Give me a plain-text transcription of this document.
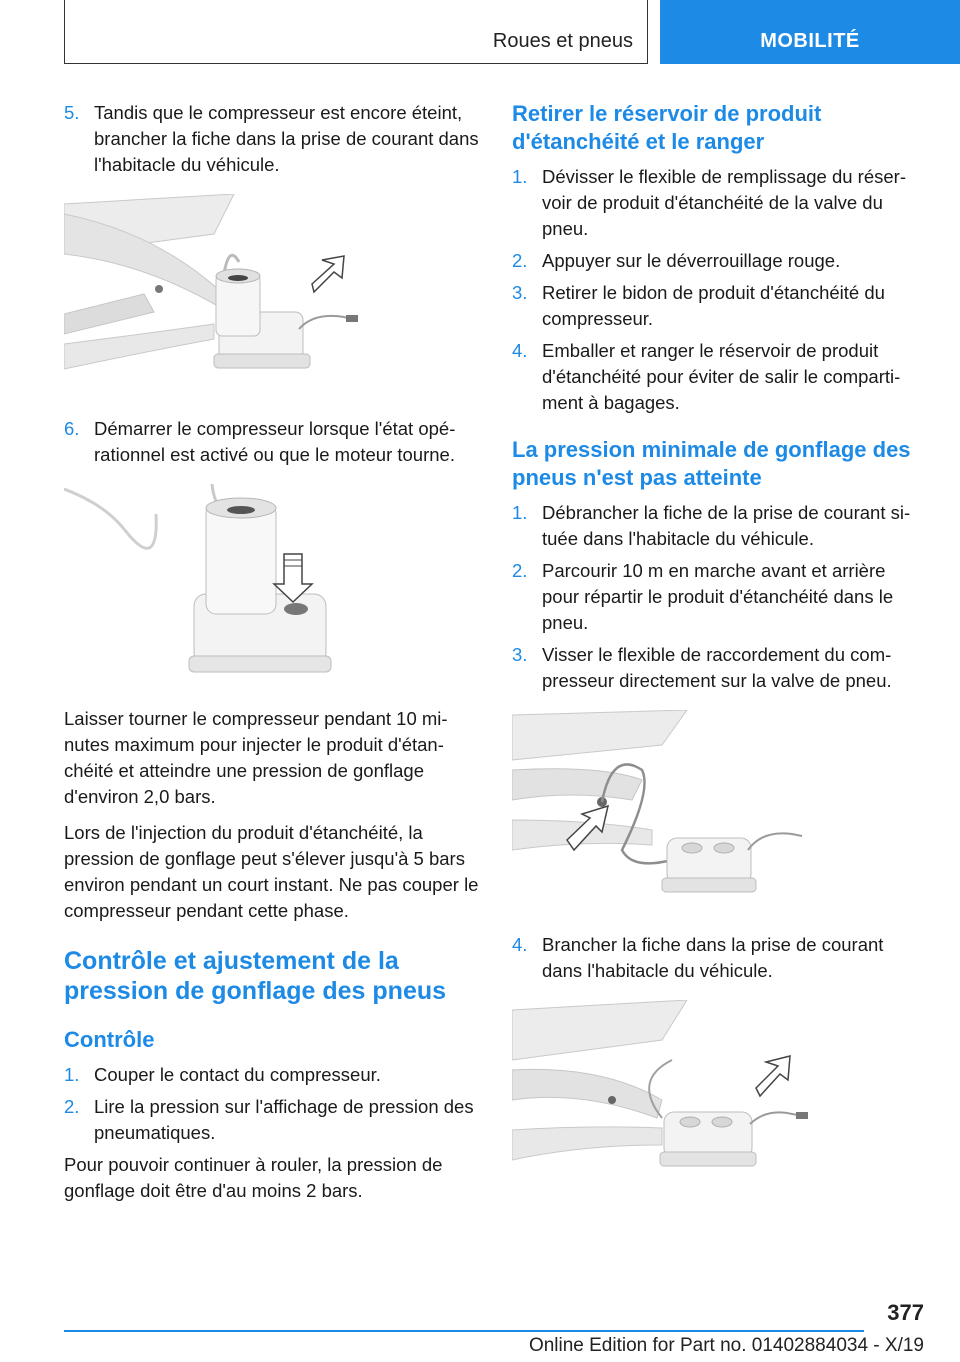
Roues et pneus	MOBILITÉ
5. Tandis que le compresseur est encore éteint, brancher la fiche dans la prise de courant dans l'habitacle du véhicule.
6. Démarrer le compresseur lorsque l'état opérationnel est activé ou que le moteur tourne.

Laisser tourner le compresseur pendant 10 minutes maximum pour injecter le produit d'étanchéité et atteindre une pression de gonflage d'environ 2,0 bars.

Lors de l'injection du produit d'étanchéité, la pression de gonflage peut s'élever jusqu'à 5 bars environ pendant un court instant. Ne pas couper le compresseur pendant cette phase.

Contrôle et ajustement de la pression de gonflage des pneus
Contrôle
1. Couper le contact du compresseur.
2. Lire la pression sur l'affichage de pression des pneumatiques.

Pour pouvoir continuer à rouler, la pression de gonflage doit être d'au moins 2 bars.

Retirer le réservoir de produit d'étanchéité et le ranger
1. Dévisser le flexible de remplissage du réservoir de produit d'étanchéité de la valve du pneu.
2. Appuyer sur le déverrouillage rouge.
3. Retirer le bidon de produit d'étanchéité du compresseur.
4. Emballer et ranger le réservoir de produit d'étanchéité pour éviter de salir le compartiment à bagages.
La pression minimale de gonflage des pneus n'est pas atteinte
1. Débrancher la fiche de la prise de courant située dans l'habitacle du véhicule.
2. Parcourir 10 m en marche avant et arrière pour répartir le produit d'étanchéité dans le pneu.
3. Visser le flexible de raccordement du compresseur directement sur la valve de pneu.
4. Brancher la fiche dans la prise de courant dans l'habitacle du véhicule.
377
Online Edition for Part no. 01402884034 - X/19
